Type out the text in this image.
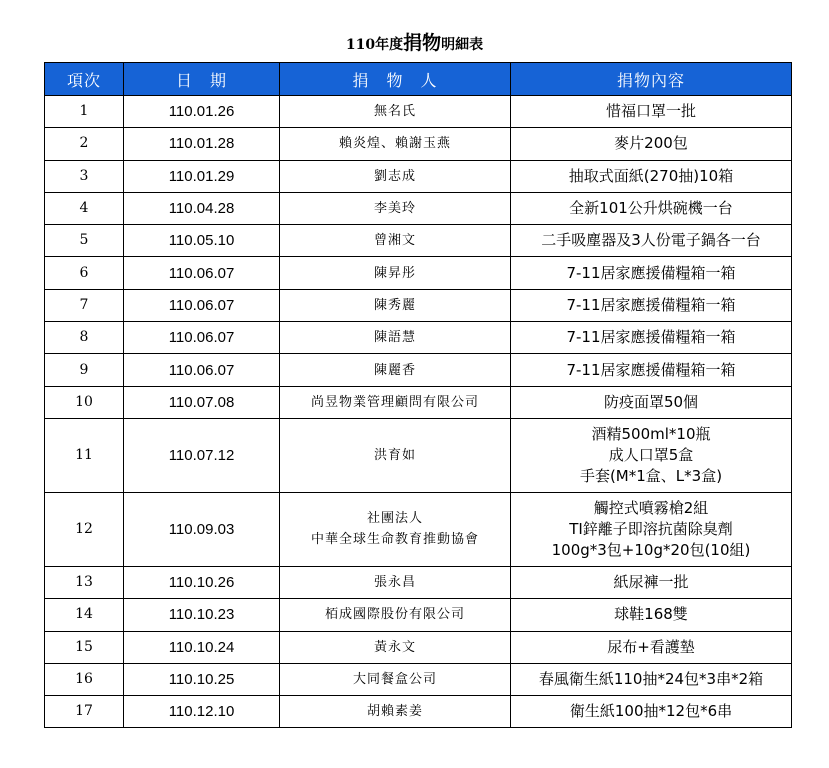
110年度捐物明細表
項次	日　期	捐　物　人	捐物內容
1	110.01.26	無名氏	惜福口罩一批

2	110.01.28	賴炎煌、賴謝玉燕	麥片200包

3	110.01.29	劉志成	抽取式面紙(270抽)10箱

4	110.04.28	李美玲	全新101公升烘碗機一台

5	110.05.10	曾湘文	二手吸塵器及3人份電子鍋各一台

6	110.06.07	陳昇彤	7-11居家應援備糧箱一箱

7	110.06.07	陳秀麗	7-11居家應援備糧箱一箱

8	110.06.07	陳語慧	7-11居家應援備糧箱一箱

9	110.06.07	陳麗香	7-11居家應援備糧箱一箱

10	110.07.08	尚昱物業管理顧問有限公司	防疫面罩50個

11	110.07.12	洪育如	酒精500ml*10瓶
成人口罩5盒
手套(M*1盒、L*3盒)

12	110.09.03	社團法人
中華全球生命教育推動協會	觸控式噴霧槍2組
TI鋅離子即溶抗菌除臭劑
100g*3包+10g*20包(10組)

13	110.10.26	張永昌	紙尿褲一批

14	110.10.23	栢成國際股份有限公司	球鞋168雙

15	110.10.24	黃永文	尿布+看護墊

16	110.10.25	大同餐盒公司	春風衛生紙110抽*24包*3串*2箱

17	110.12.10	胡賴素姜	衛生紙100抽*12包*6串
